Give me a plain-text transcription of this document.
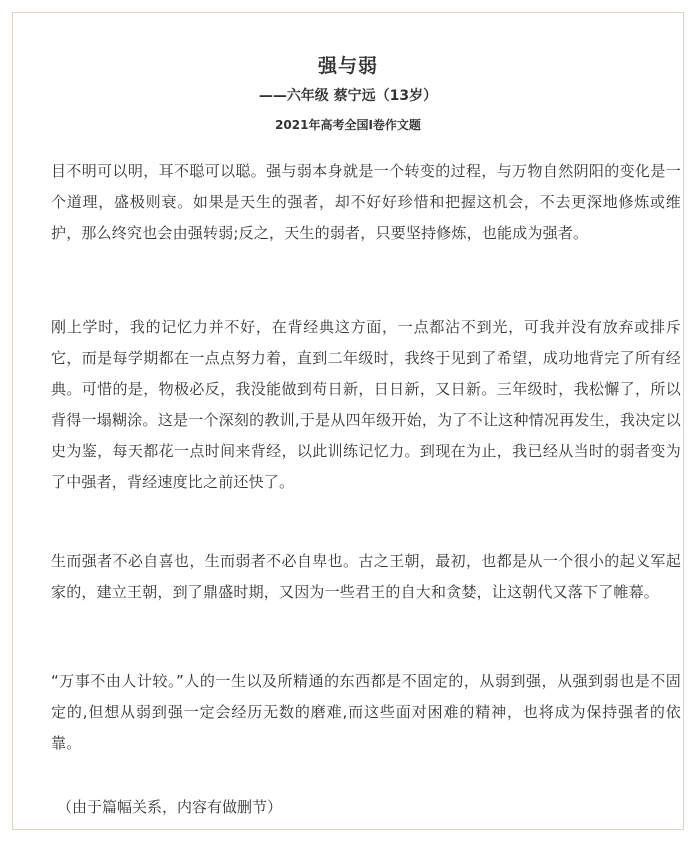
强与弱

——六年级 蔡宁远（13岁）

2021年高考全国I卷作文题

目不明可以明，耳不聪可以聪。强与弱本身就是一个转变的过程，与万物自然阴阳的变化是一个道理，盛极则衰。如果是天生的强者，却不好好珍惜和把握这机会，不去更深地修炼或维护，那么终究也会由强转弱;反之，天生的弱者，只要坚持修炼，也能成为强者。

刚上学时，我的记忆力并不好，在背经典这方面，一点都沾不到光，可我并没有放弃或排斥它，而是每学期都在一点点努力着，直到二年级时，我终于见到了希望，成功地背完了所有经典。可惜的是，物极必反，我没能做到苟日新，日日新，又日新。三年级时，我松懈了，所以背得一塌糊涂。这是一个深刻的教训,于是从四年级开始，为了不让这种情况再发生，我决定以史为鉴，每天都花一点时间来背经，以此训练记忆力。到现在为止，我已经从当时的弱者变为了中强者，背经速度比之前还快了。

生而强者不必自喜也，生而弱者不必自卑也。古之王朝，最初，也都是从一个很小的起义军起家的，建立王朝，到了鼎盛时期，又因为一些君王的自大和贪婪，让这朝代又落下了帷幕。

“万事不由人计较。”人的一生以及所精通的东西都是不固定的，从弱到强，从强到弱也是不固定的,但想从弱到强一定会经历无数的磨难,而这些面对困难的精神，也将成为保持强者的依靠。

（由于篇幅关系，内容有做删节）
